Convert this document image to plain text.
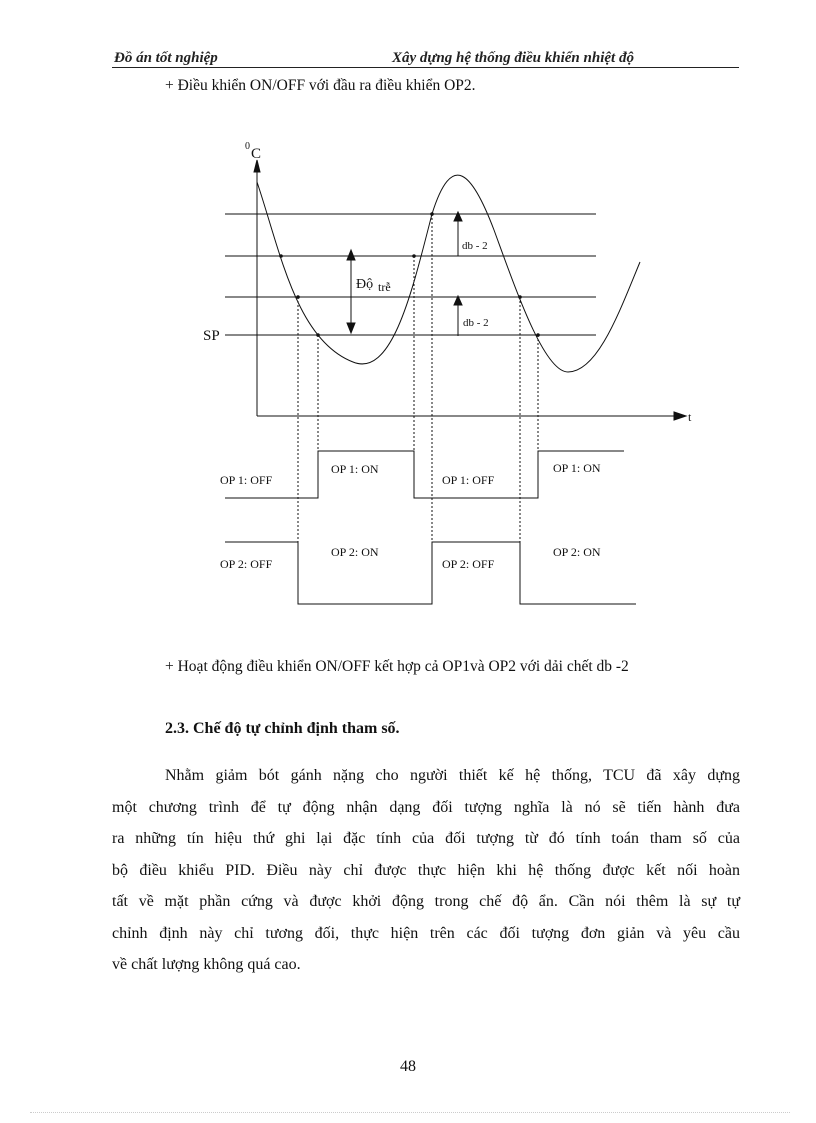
Đồ án tốt nghiệp	Xây dựng hệ thống điều khiển nhiệt độ
+ Điều khiển ON/OFF với đầu ra điều khiển OP2.
0 C
t
SP
Độ trễ
db - 2
db - 2
OP 1: OFF
OP 1: ON
OP 1: OFF
OP 1: ON
OP 2: OFF
OP 2: ON
OP 2: OFF
OP 2: ON
+ Hoạt động điều khiển ON/OFF kết hợp cả OP1và OP2 với dải chết db -2
2.3. Chế độ tự chỉnh định tham số.
Nhằm giảm bót gánh nặng cho người thiết kế hệ thống, TCU đã xây dựng
một chương trình để tự động nhận dạng đối tượng nghĩa là nó sẽ tiến hành đưa
ra những tín hiệu thứ ghi lại đặc tính của đối tượng từ đó tính toán tham số của
bộ điều khiểu PID. Điều này chỉ được thực hiện khi hệ thống được kết nối hoàn
tất về mặt phần cứng và được khởi động trong chế độ ẩn. Cần nói thêm là sự tự
chỉnh định này chỉ tương đối, thực hiện trên các đối tượng đơn giản và yêu cầu
về chất lượng không quá cao.
48
